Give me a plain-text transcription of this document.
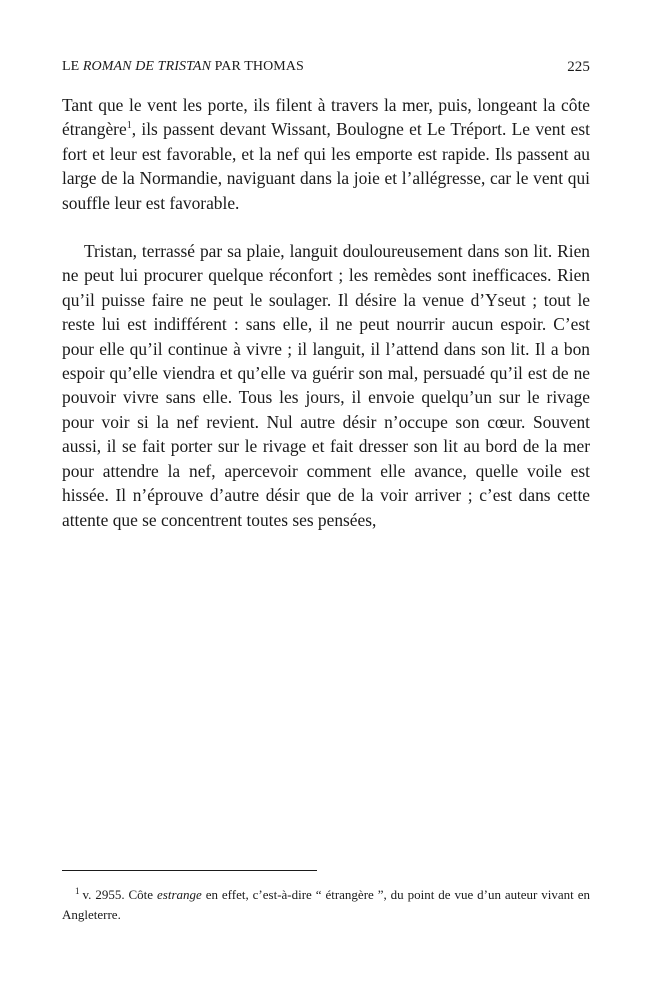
LE ROMAN DE TRISTAN PAR THOMAS	225

Tant que le vent les porte, ils filent à travers la mer, puis, longeant la côte étrangère$^1$, ils passent devant Wissant, Boulogne et Le Tréport. Le vent est fort et leur est favorable, et la nef qui les emporte est rapide. Ils passent au large de la Normandie, naviguant dans la joie et l’allégresse, car le vent qui souffle leur est favorable.

Tristan, terrassé par sa plaie, languit douloureusement dans son lit. Rien ne peut lui procurer quelque réconfort ; les remèdes sont inefficaces. Rien qu’il puisse faire ne peut le soulager. Il désire la venue d’Yseut ; tout le reste lui est indifférent : sans elle, il ne peut nourrir aucun espoir. C’est pour elle qu’il continue à vivre ; il languit, il l’attend dans son lit. Il a bon espoir qu’elle viendra et qu’elle va guérir son mal, persuadé qu’il est de ne pouvoir vivre sans elle. Tous les jours, il envoie quelqu’un sur le rivage pour voir si la nef revient. Nul autre désir n’occupe son cœur. Souvent aussi, il se fait porter sur le rivage et fait dresser son lit au bord de la mer pour attendre la nef, apercevoir comment elle avance, quelle voile est hissée. Il n’éprouve d’autre désir que de la voir arriver ; c’est dans cette attente que se concentrent toutes ses pensées,

$^1$ v. 2955. Côte estrange en effet, c’est-à-dire “ étrangère ”, du point de vue d’un auteur vivant en Angleterre.
